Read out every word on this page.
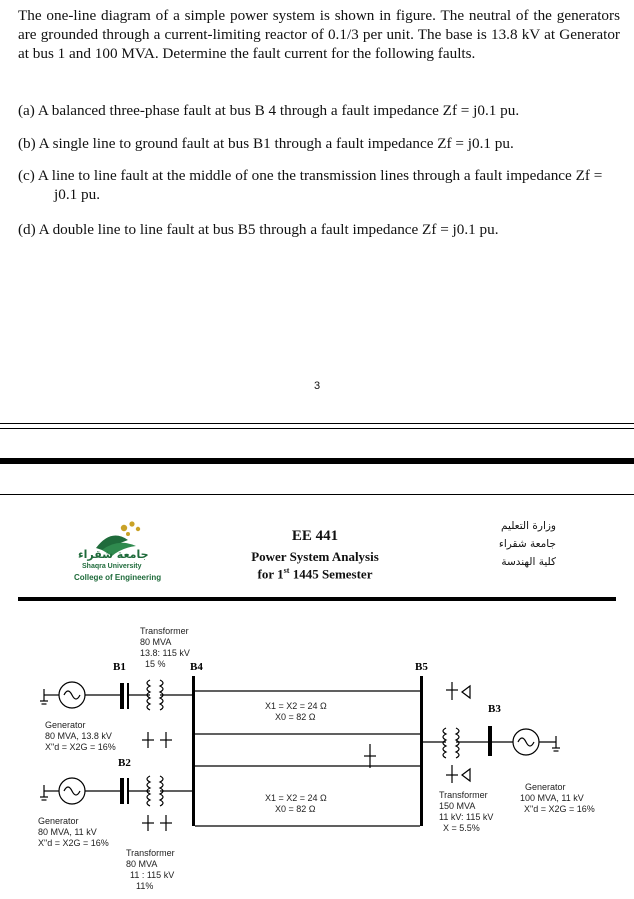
The one-line diagram of a simple power system is shown in figure. The neutral of the generators are grounded through a current-limiting reactor of 0.1/3 per unit. The base is 13.8 kV at Generator at bus 1 and 100 MVA. Determine the fault current for the following faults.

(a) A balanced three-phase fault at bus B 4 through a fault impedance Zf = j0.1 pu.
(b) A single line to ground fault at bus B1 through a fault impedance Zf = j0.1 pu.
(c) A line to line fault at the middle of one the transmission lines through a fault impedance Zf = j0.1 pu.
(d) A double line to line fault at bus B5 through a fault impedance Zf = j0.1 pu.
3
جامعة شقراء
Shaqra University
College of Engineering
EE 441
Power System Analysis
for 1st 1445 Semester
وزارة التعليم
جامعة شقراء
كلية الهندسة
B1
B2
B3
B4	B5
Transformer
80 MVA
13.8: 115 kV
15 %
Generator
80 MVA, 13.8 kV
X"d = X2G = 16%
Generator
80 MVA, 11 kV
X"d = X2G = 16%
Transformer
80 MVA
11 : 115 kV
11%
X1 = X2 = 24 Ω
X0 = 82 Ω
X1 = X2 = 24 Ω
X0 = 82 Ω
Transformer
150 MVA
11 kV: 115 kV
X = 5.5%
Generator
100 MVA, 11 kV
X"d = X2G = 16%
